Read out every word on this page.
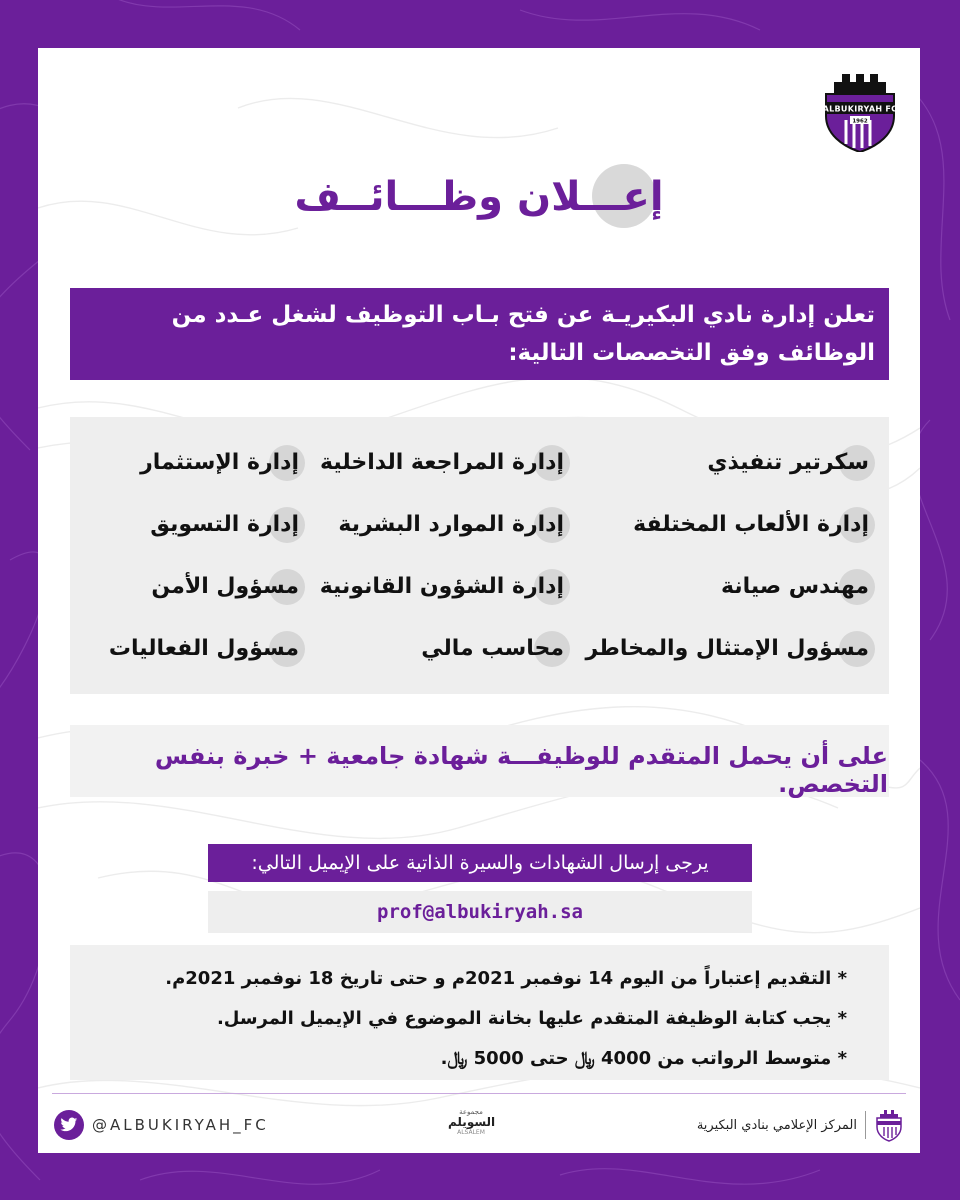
ALBUKIRYAH FC
1962
إعـــلان وظـــائــف
تعلن إدارة نادي البكيريـة عن فتح بـاب التوظيف لشغل عـدد من الوظائف وفق التخصصات التالية:
سكرتير تنفيذي
إدارة الألعاب المختلفة
مهندس صيانة
مسؤول الإمتثال والمخاطر
إدارة المراجعة الداخلية
إدارة الموارد البشرية
إدارة الشؤون القانونية
محاسب مالي
إدارة الإستثمار
إدارة التسويق
مسؤول الأمن
مسؤول الفعاليات
على أن يحمل المتقدم للوظيفـــة شهادة جامعية + خبرة بنفس التخصص.
يرجى إرسال الشهادات والسيرة الذاتية على الإيميل التالي:
prof@albukiryah.sa
* التقديم إعتباراً من اليوم 14 نوفمبر 2021م و حتى تاريخ 18 نوفمبر 2021م.
* يجب كتابة الوظيفة المتقدم عليها بخانة الموضوع في الإيميل المرسل.
* متوسط الرواتب من 4000 ﷼ حتى 5000 ﷼.
@ALBUKIRYAH_FC
مجموعة
السويلم
ALSALEM	المركز الإعلامي بنادي البكيرية
